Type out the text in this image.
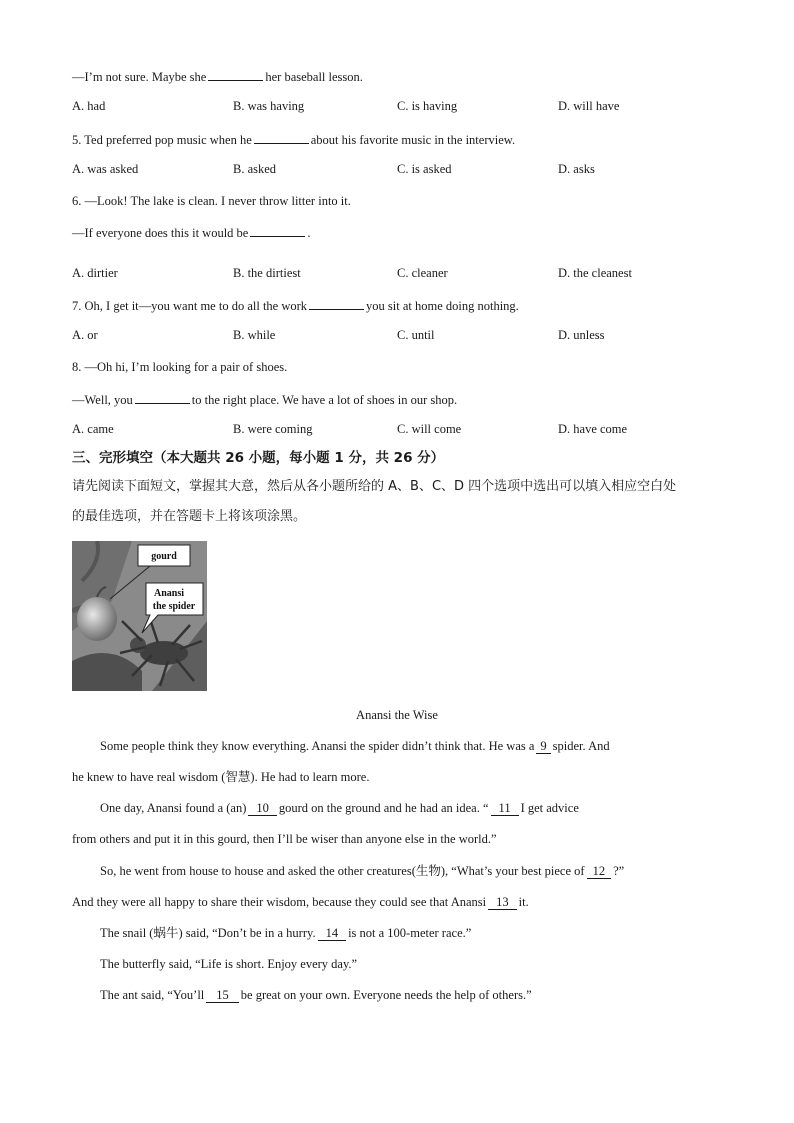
—I’m not sure. Maybe she	her baseball lesson.
A. had	B. was having	C. is having	D. will have
5. Ted preferred pop music when he	about his favorite music in the interview.
A. was asked	B. asked	C. is asked	D. asks
6. —Look! The lake is clean. I never throw litter into it.
—If everyone does this it would be	.
A. dirtier	B. the dirtiest	C. cleaner	D. the cleanest
7. Oh, I get it—you want me to do all the work	you sit at home doing nothing.
A. or	B. while	C. until	D. unless
8. —Oh hi, I’m looking for a pair of shoes.
—Well, you	to the right place. We have a lot of shoes in our shop.
A. came	B. were coming	C. will come	D. have come
三、完形填空（本大题共 26 小题，每小题 1 分，共 26 分）
请先阅读下面短文，掌握其大意，然后从各小题所给的 A、B、C、D 四个选项中选出可以填入相应空白处
的最佳选项，并在答题卡上将该项涂黑。
gourd
Anansi
the spider
Anansi the Wise
Some people think they know everything. Anansi the spider didn’t think that. He was a 9 spider. And
he knew to have real wisdom (智慧). He had to learn more.
One day, Anansi found a (an) 10 gourd on the ground and he had an idea. “ 11 I get advice
from others and put it in this gourd, then I’ll be wiser than anyone else in the world.”
So, he went from house to house and asked the other creatures(生物), “What’s your best piece of 12 ?”
And they were all happy to share their wisdom, because they could see that Anansi 13 it.
The snail (蜗牛) said, “Don’t be in a hurry. 14 is not a 100-meter race.”
The butterfly said, “Life is short. Enjoy every day.”
The ant said, “You’ll 15 be great on your own. Everyone needs the help of others.”
